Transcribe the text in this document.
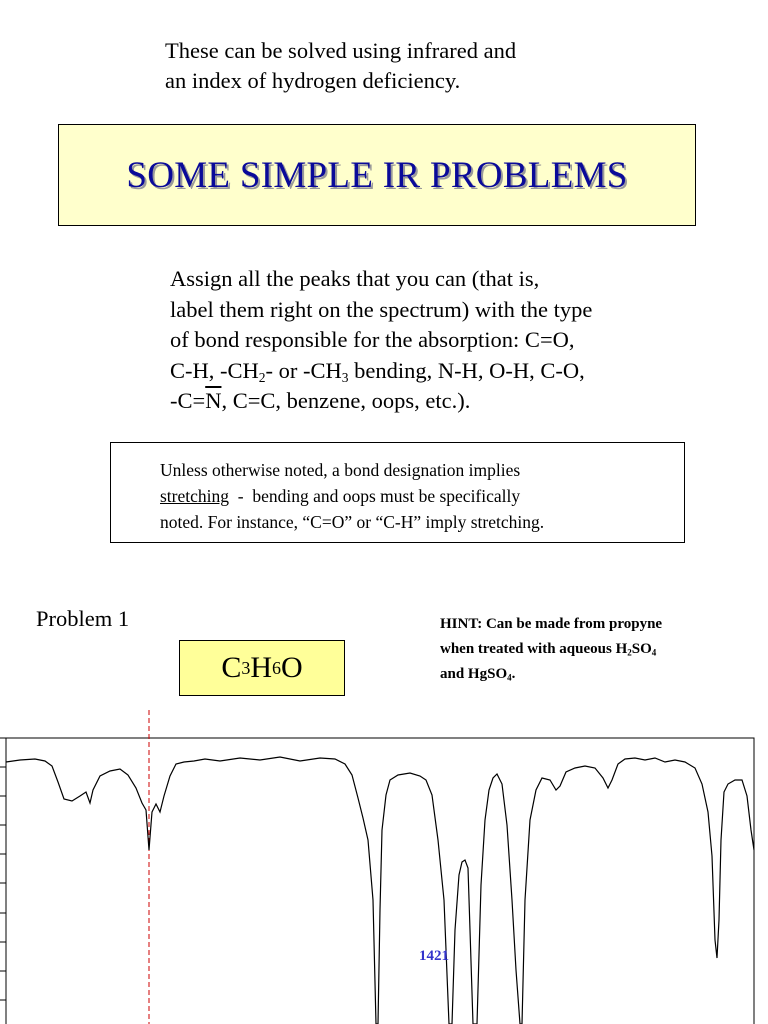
These can be solved using infrared and
an index of hydrogen deficiency.
SOME SIMPLE IR PROBLEMS
Assign all the peaks that you can (that is,
label them right on the spectrum) with the type
of bond responsible for the absorption: C=O,
C-H, $-CH_2-$ or $-CH_3$ bending, N-H, O-H, C-O,
$-C=\overline{N}$, C=C, benzene, oops, etc.).
Unless otherwise noted, a bond designation implies
stretching  -  bending and oops must be specifically
noted. For instance, “C=O” or “C-H” imply stretching.
Problem 1	HINT: Can be made from propyne
when treated with aqueous $H_2SO_4$
and HgSO$_4$.
C 3 H 6 O
1421
